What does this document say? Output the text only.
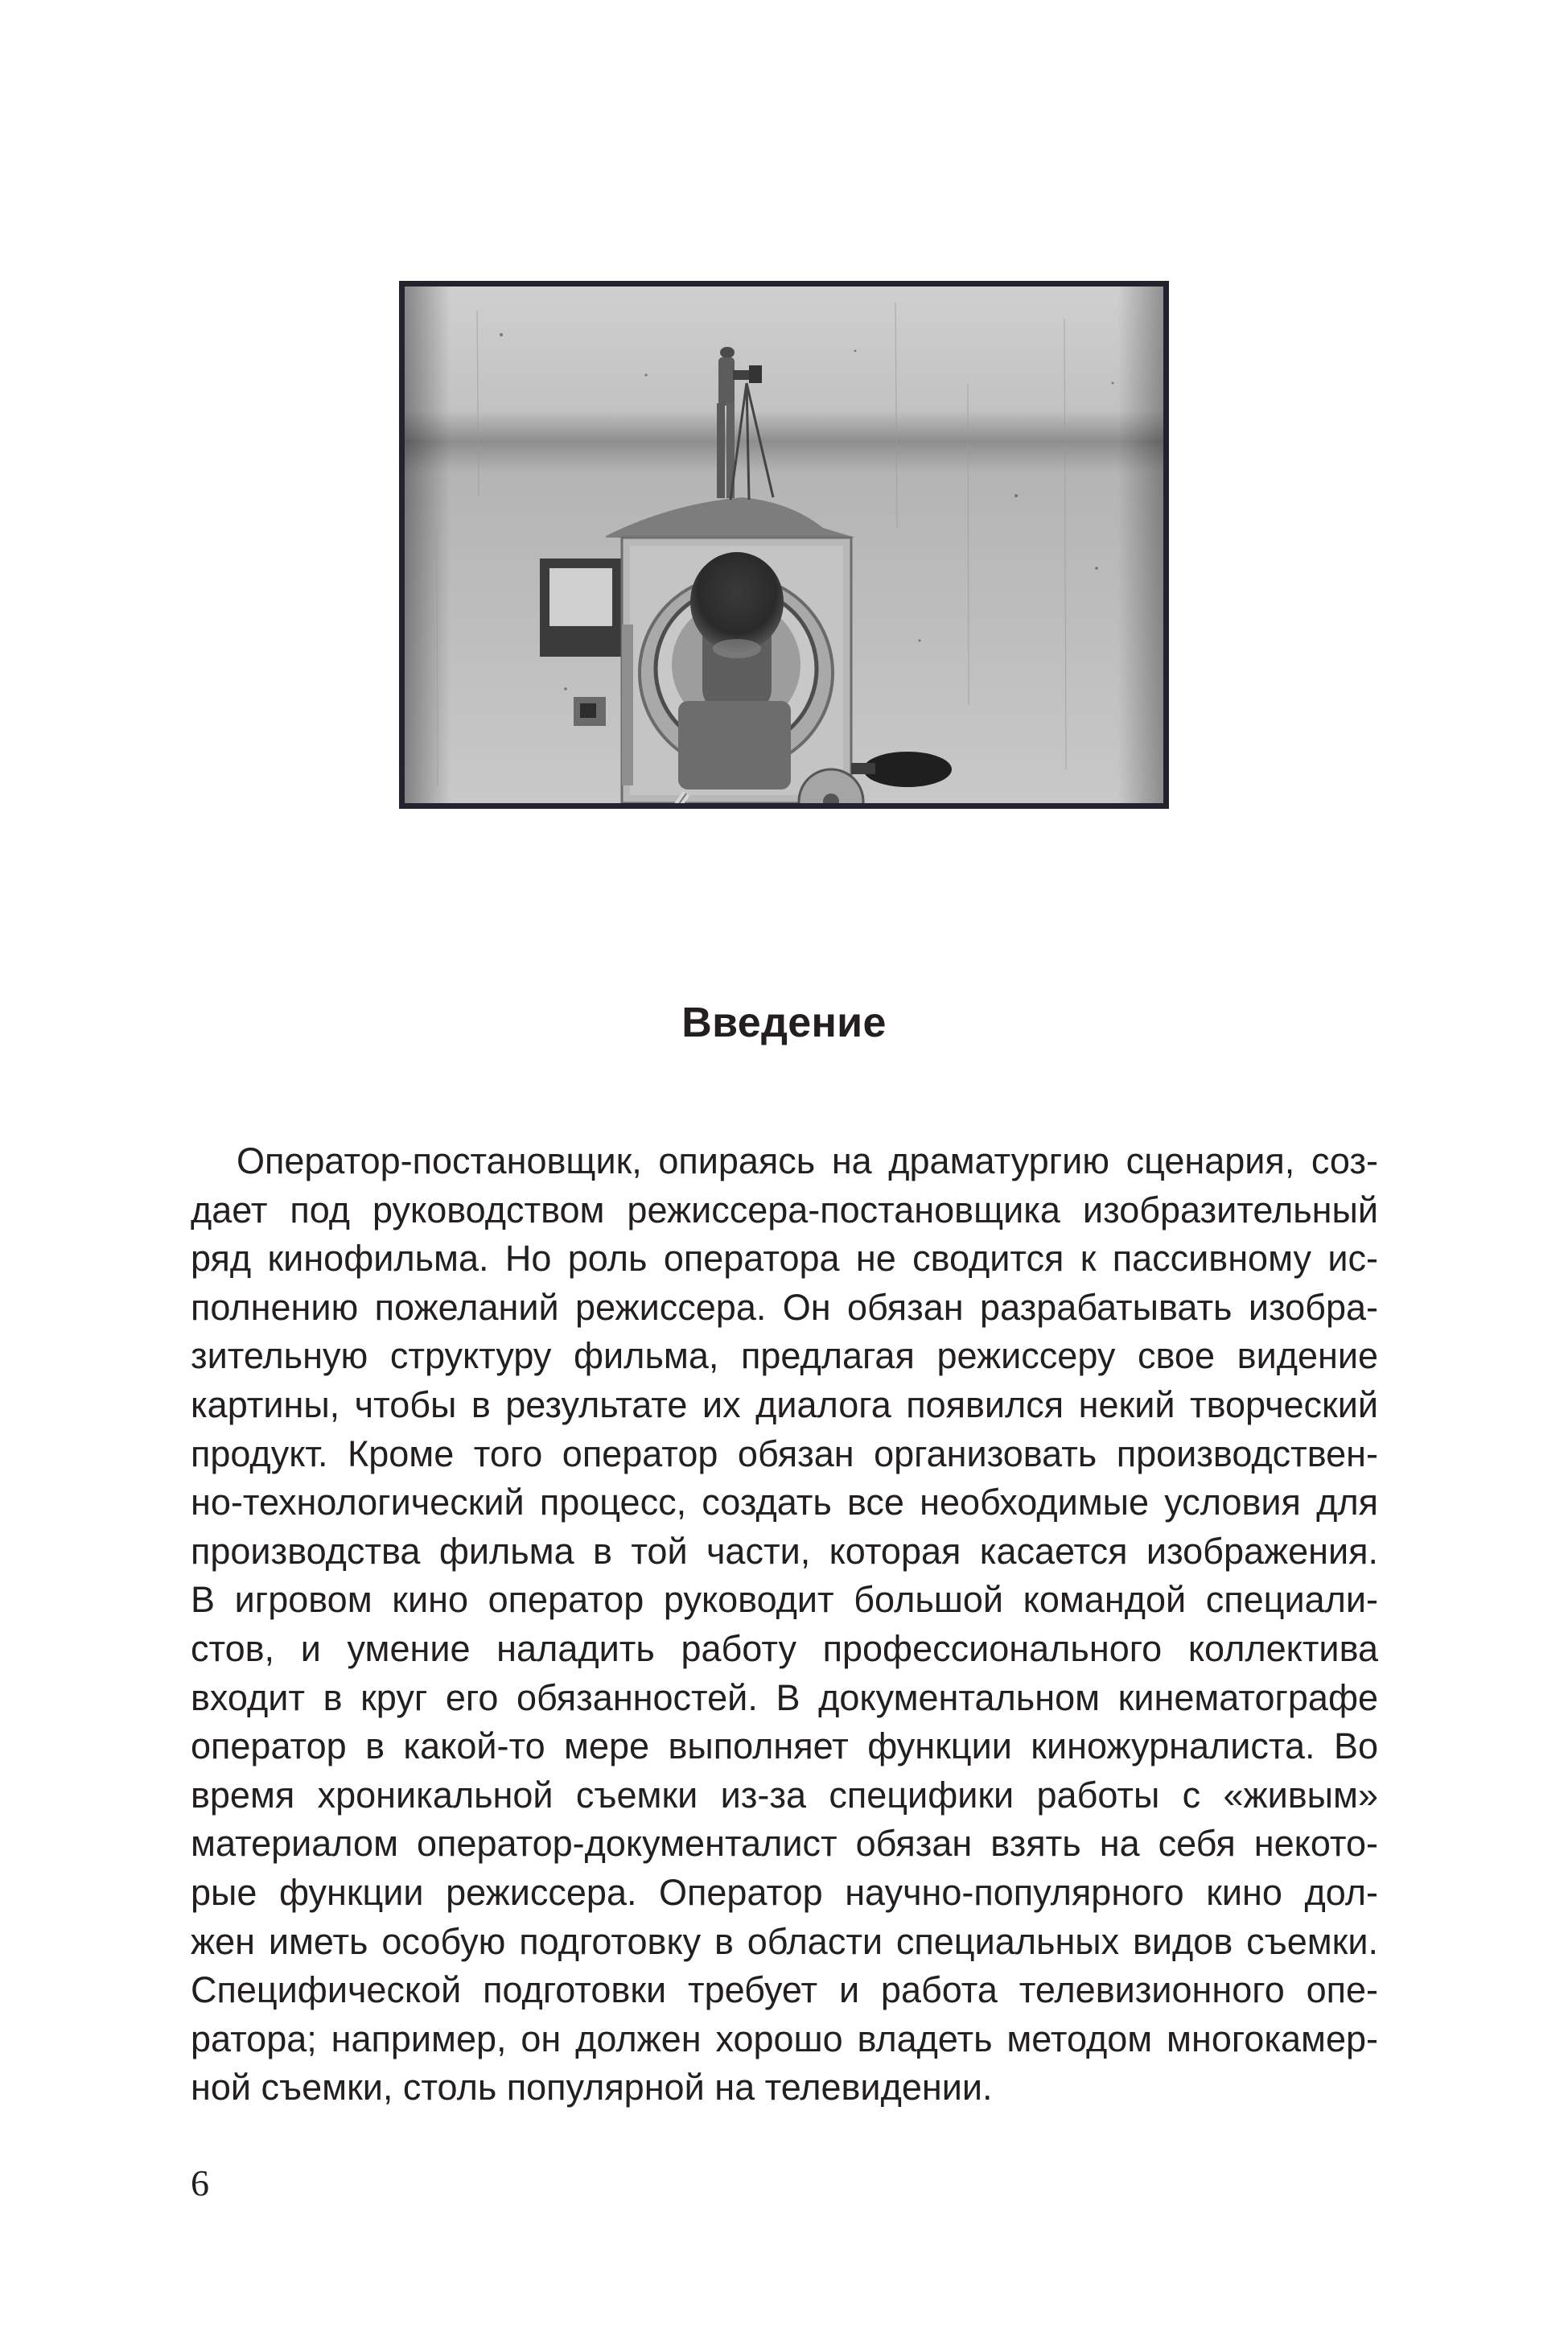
Введение
Оператор-постановщик, опираясь на драматургию сценария, соз-
дает под руководством режиссера-постановщика изобразительный
ряд кинофильма. Но роль оператора не сводится к пассивному ис-
полнению пожеланий режиссера. Он обязан разрабатывать изобра-
зительную структуру фильма, предлагая режиссеру свое видение
картины, чтобы в результате их диалога появился некий творческий
продукт. Кроме того оператор обязан организовать производствен-
но-технологический процесс, создать все необходимые условия для
производства фильма в той части, которая касается изображения.
В игровом кино оператор руководит большой командой специали-
стов, и умение наладить работу профессионального коллектива
входит в круг его обязанностей. В документальном кинематографе
оператор в какой-то мере выполняет функции киножурналиста. Во
время хроникальной съемки из-за специфики работы с «живым»
материалом оператор-документалист обязан взять на себя некото-
рые функции режиссера. Оператор научно-популярного кино дол-
жен иметь особую подготовку в области специальных видов съемки.
Специфической подготовки требует и работа телевизионного опе-
ратора; например, он должен хорошо владеть методом многокамер-
ной съемки, столь популярной на телевидении.
6
